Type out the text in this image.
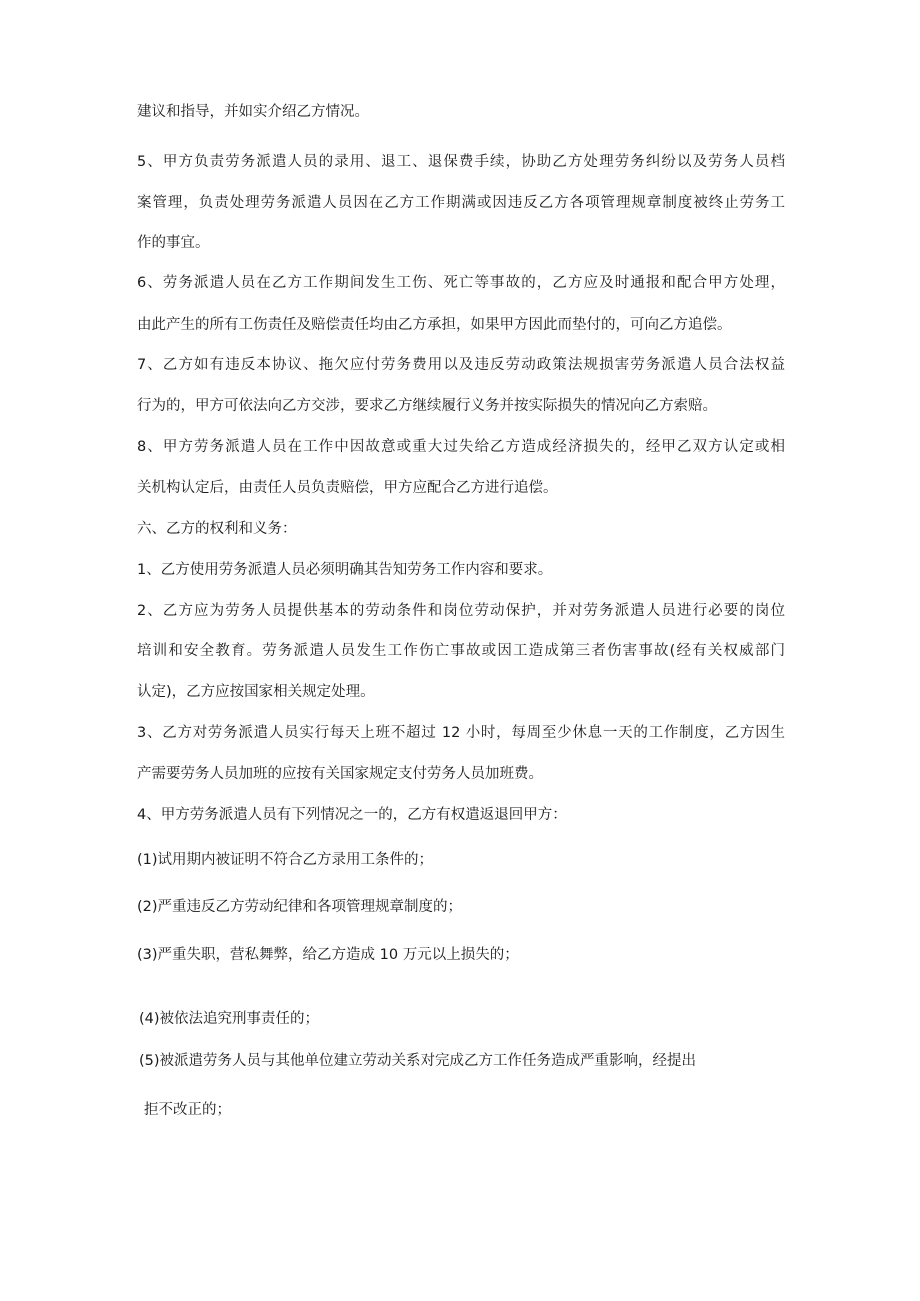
建议和指导，并如实介绍乙方情况。

5、甲方负责劳务派遣人员的录用、退工、退保费手续，协助乙方处理劳务纠纷以及劳务人员档

案管理，负责处理劳务派遣人员因在乙方工作期满或因违反乙方各项管理规章制度被终止劳务工

作的事宜。

6、劳务派遣人员在乙方工作期间发生工伤、死亡等事故的，乙方应及时通报和配合甲方处理，

由此产生的所有工伤责任及赔偿责任均由乙方承担，如果甲方因此而垫付的，可向乙方追偿。

7、乙方如有违反本协议、拖欠应付劳务费用以及违反劳动政策法规损害劳务派遣人员合法权益

行为的，甲方可依法向乙方交涉，要求乙方继续履行义务并按实际损失的情况向乙方索赔。

8、甲方劳务派遣人员在工作中因故意或重大过失给乙方造成经济损失的，经甲乙双方认定或相

关机构认定后，由责任人员负责赔偿，甲方应配合乙方进行追偿。

六、乙方的权利和义务：

1、乙方使用劳务派遣人员必须明确其告知劳务工作内容和要求。

2、乙方应为劳务人员提供基本的劳动条件和岗位劳动保护，并对劳务派遣人员进行必要的岗位

培训和安全教育。劳务派遣人员发生工作伤亡事故或因工造成第三者伤害事故(经有关权威部门

认定)，乙方应按国家相关规定处理。

3、乙方对劳务派遣人员实行每天上班不超过 12 小时，每周至少休息一天的工作制度，乙方因生

产需要劳务人员加班的应按有关国家规定支付劳务人员加班费。

4、甲方劳务派遣人员有下列情况之一的，乙方有权遣返退回甲方：

(1)试用期内被证明不符合乙方录用工条件的；

(2)严重违反乙方劳动纪律和各项管理规章制度的；

(3)严重失职，营私舞弊，给乙方造成 10 万元以上损失的；

(4)被依法追究刑事责任的；

(5)被派遣劳务人员与其他单位建立劳动关系对完成乙方工作任务造成严重影响，经提出

拒不改正的；
